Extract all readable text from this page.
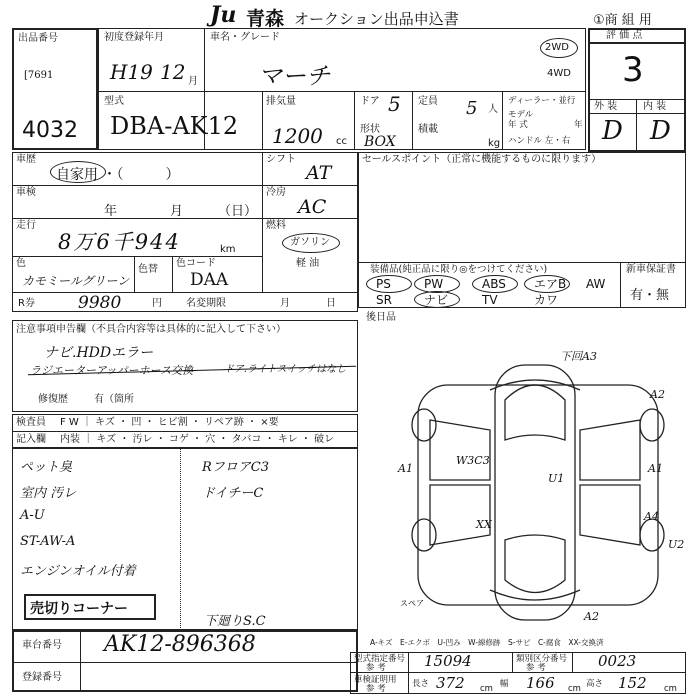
Ju 青森 オークション出品申込書	①商 組 用
出品番号
[7691
4032
初度登録年月
H19 12 月
車名・グレード
マーチ
2WD
4WD
評 価 点
3
外 装	内 装
D D
型式
DBA-AK12
排気量
1200 cc
ドア 5
形状
BOX
定員 5 人
積載
kg
ディーラー・並行
モデル
年 式	年
ハンドル 左・右
車歴
自家用 ・（　　　）
シフト
AT
車検
年	月	（日）
冷房
AC
走行
8万6千944	km
燃料
ガソリン
軽 油
色
カモミールグリーン
色替
色コード
DAA
R券	9980	円 名変期限	月	日
セールスポイント（正常に機能するものに限ります）
装備品(純正品に限り◎をつけてください)	新車保証書
有・無
後日品
注意事項申告欄（不具合内容等は具体的に記入して下さい）
ナビ.HDDエラー
ラジエーターアッパーホース交換	ドア.ライトスイッチはなし
修復歴	有（箇所
検査員 F W ｜ キズ ・ 凹 ・ ヒビ割 ・ リペア跡 ・ ×要
記入欄 内装 ｜ キズ ・ 汚レ ・ コゲ ・ 穴 ・ タバコ ・ キレ ・ 破レ
売切りコーナー
下廻りS.C
車台番号 AK12-896368
登録番号
下回A3
A2
A1
W3C3
U1
XX
A1
A4
U2
A2
スペア
A-キズ　E-エクボ　U-凹み　W-線修跡　S-サビ　C-腐食　XX-交換済
型式指定番号
参 考	15094	類別区分番号
参 考	0023
車検証明用
参 考	長さ 372 cm 幅 166 cm 高さ 152 cm
PS	PW	ABS エアB AW
SR	ナビ	TV	カワ
ペット臭
室内 汚レ
A-U
ST-AW-A
エンジンオイル付着
RフロアC3
ドイチーC
